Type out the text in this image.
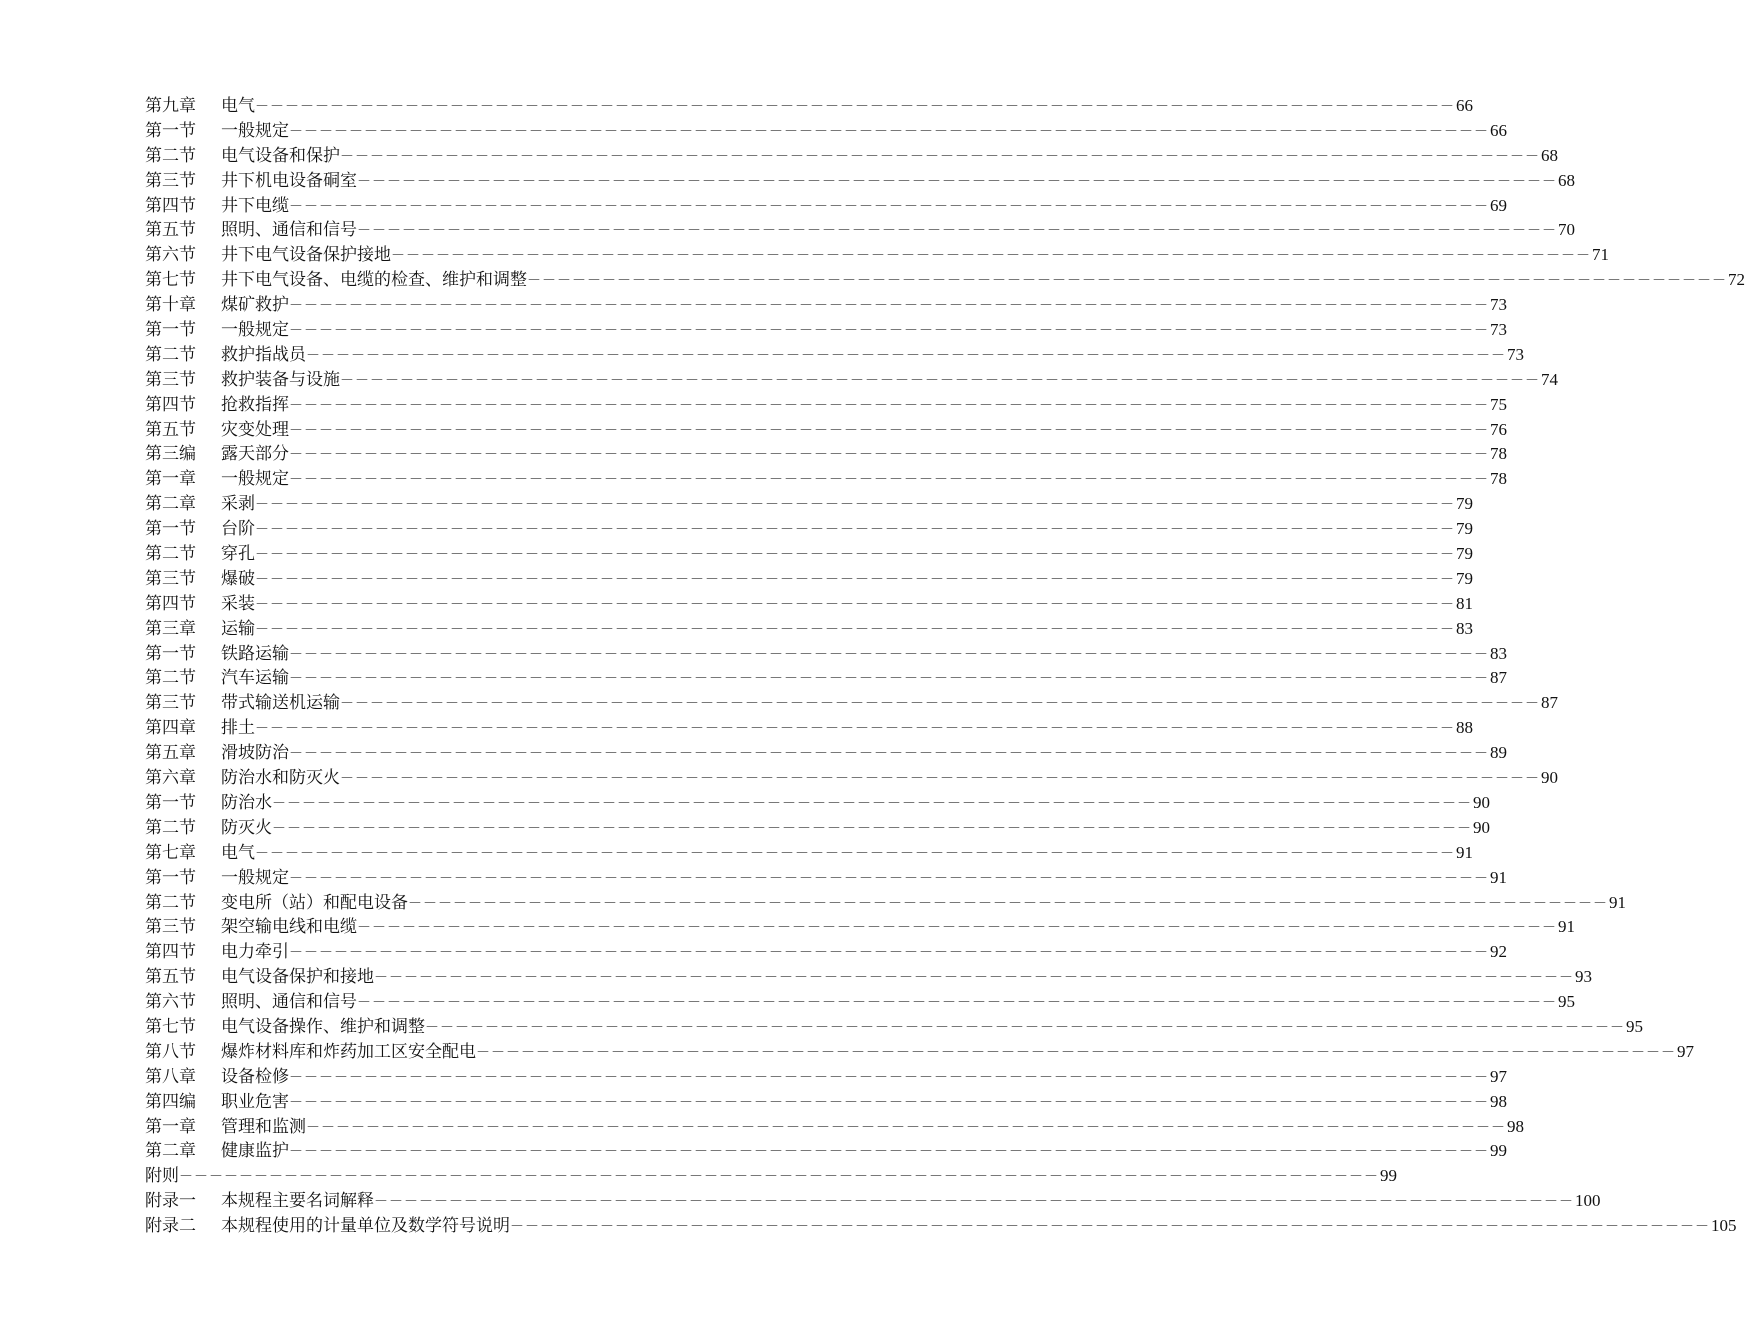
第九章 电气 －－－－－－－－－－－－－－－－－－－－－－－－－－－－－－－－－－－－－－－－－－－－－－－－－－－－－－－－－－－－－－－－－－－－－－－－－－－－－－－－ 66
第一节 一般规定 －－－－－－－－－－－－－－－－－－－－－－－－－－－－－－－－－－－－－－－－－－－－－－－－－－－－－－－－－－－－－－－－－－－－－－－－－－－－－－－－ 66
第二节 电气设备和保护 －－－－－－－－－－－－－－－－－－－－－－－－－－－－－－－－－－－－－－－－－－－－－－－－－－－－－－－－－－－－－－－－－－－－－－－－－－－－－－－－ 68
第三节 井下机电设备硐室 －－－－－－－－－－－－－－－－－－－－－－－－－－－－－－－－－－－－－－－－－－－－－－－－－－－－－－－－－－－－－－－－－－－－－－－－－－－－－－－－ 68
第四节 井下电缆 －－－－－－－－－－－－－－－－－－－－－－－－－－－－－－－－－－－－－－－－－－－－－－－－－－－－－－－－－－－－－－－－－－－－－－－－－－－－－－－－ 69
第五节 照明、通信和信号 －－－－－－－－－－－－－－－－－－－－－－－－－－－－－－－－－－－－－－－－－－－－－－－－－－－－－－－－－－－－－－－－－－－－－－－－－－－－－－－－ 70
第六节 井下电气设备保护接地 －－－－－－－－－－－－－－－－－－－－－－－－－－－－－－－－－－－－－－－－－－－－－－－－－－－－－－－－－－－－－－－－－－－－－－－－－－－－－－－－ 71
第七节 井下电气设备、电缆的检查、维护和调整 －－－－－－－－－－－－－－－－－－－－－－－－－－－－－－－－－－－－－－－－－－－－－－－－－－－－－－－－－－－－－－－－－－－－－－－－－－－－－－－－ 72
第十章 煤矿救护 －－－－－－－－－－－－－－－－－－－－－－－－－－－－－－－－－－－－－－－－－－－－－－－－－－－－－－－－－－－－－－－－－－－－－－－－－－－－－－－－ 73
第一节 一般规定 －－－－－－－－－－－－－－－－－－－－－－－－－－－－－－－－－－－－－－－－－－－－－－－－－－－－－－－－－－－－－－－－－－－－－－－－－－－－－－－－ 73
第二节 救护指战员 －－－－－－－－－－－－－－－－－－－－－－－－－－－－－－－－－－－－－－－－－－－－－－－－－－－－－－－－－－－－－－－－－－－－－－－－－－－－－－－－ 73
第三节 救护装备与设施 －－－－－－－－－－－－－－－－－－－－－－－－－－－－－－－－－－－－－－－－－－－－－－－－－－－－－－－－－－－－－－－－－－－－－－－－－－－－－－－－ 74
第四节 抢救指挥 －－－－－－－－－－－－－－－－－－－－－－－－－－－－－－－－－－－－－－－－－－－－－－－－－－－－－－－－－－－－－－－－－－－－－－－－－－－－－－－－ 75
第五节 灾变处理 －－－－－－－－－－－－－－－－－－－－－－－－－－－－－－－－－－－－－－－－－－－－－－－－－－－－－－－－－－－－－－－－－－－－－－－－－－－－－－－－ 76
第三编 露天部分 －－－－－－－－－－－－－－－－－－－－－－－－－－－－－－－－－－－－－－－－－－－－－－－－－－－－－－－－－－－－－－－－－－－－－－－－－－－－－－－－ 78
第一章 一般规定 －－－－－－－－－－－－－－－－－－－－－－－－－－－－－－－－－－－－－－－－－－－－－－－－－－－－－－－－－－－－－－－－－－－－－－－－－－－－－－－－ 78
第二章 采剥 －－－－－－－－－－－－－－－－－－－－－－－－－－－－－－－－－－－－－－－－－－－－－－－－－－－－－－－－－－－－－－－－－－－－－－－－－－－－－－－－ 79
第一节 台阶 －－－－－－－－－－－－－－－－－－－－－－－－－－－－－－－－－－－－－－－－－－－－－－－－－－－－－－－－－－－－－－－－－－－－－－－－－－－－－－－－ 79
第二节 穿孔 －－－－－－－－－－－－－－－－－－－－－－－－－－－－－－－－－－－－－－－－－－－－－－－－－－－－－－－－－－－－－－－－－－－－－－－－－－－－－－－－ 79
第三节 爆破 －－－－－－－－－－－－－－－－－－－－－－－－－－－－－－－－－－－－－－－－－－－－－－－－－－－－－－－－－－－－－－－－－－－－－－－－－－－－－－－－ 79
第四节 采装 －－－－－－－－－－－－－－－－－－－－－－－－－－－－－－－－－－－－－－－－－－－－－－－－－－－－－－－－－－－－－－－－－－－－－－－－－－－－－－－－ 81
第三章 运输 －－－－－－－－－－－－－－－－－－－－－－－－－－－－－－－－－－－－－－－－－－－－－－－－－－－－－－－－－－－－－－－－－－－－－－－－－－－－－－－－ 83
第一节 铁路运输 －－－－－－－－－－－－－－－－－－－－－－－－－－－－－－－－－－－－－－－－－－－－－－－－－－－－－－－－－－－－－－－－－－－－－－－－－－－－－－－－ 83
第二节 汽车运输 －－－－－－－－－－－－－－－－－－－－－－－－－－－－－－－－－－－－－－－－－－－－－－－－－－－－－－－－－－－－－－－－－－－－－－－－－－－－－－－－ 87
第三节 带式输送机运输 －－－－－－－－－－－－－－－－－－－－－－－－－－－－－－－－－－－－－－－－－－－－－－－－－－－－－－－－－－－－－－－－－－－－－－－－－－－－－－－－ 87
第四章 排土 －－－－－－－－－－－－－－－－－－－－－－－－－－－－－－－－－－－－－－－－－－－－－－－－－－－－－－－－－－－－－－－－－－－－－－－－－－－－－－－－ 88
第五章 滑坡防治 －－－－－－－－－－－－－－－－－－－－－－－－－－－－－－－－－－－－－－－－－－－－－－－－－－－－－－－－－－－－－－－－－－－－－－－－－－－－－－－－ 89
第六章 防治水和防灭火 －－－－－－－－－－－－－－－－－－－－－－－－－－－－－－－－－－－－－－－－－－－－－－－－－－－－－－－－－－－－－－－－－－－－－－－－－－－－－－－－ 90
第一节 防治水 －－－－－－－－－－－－－－－－－－－－－－－－－－－－－－－－－－－－－－－－－－－－－－－－－－－－－－－－－－－－－－－－－－－－－－－－－－－－－－－－ 90
第二节 防灭火 －－－－－－－－－－－－－－－－－－－－－－－－－－－－－－－－－－－－－－－－－－－－－－－－－－－－－－－－－－－－－－－－－－－－－－－－－－－－－－－－ 90
第七章 电气 －－－－－－－－－－－－－－－－－－－－－－－－－－－－－－－－－－－－－－－－－－－－－－－－－－－－－－－－－－－－－－－－－－－－－－－－－－－－－－－－ 91
第一节 一般规定 －－－－－－－－－－－－－－－－－－－－－－－－－－－－－－－－－－－－－－－－－－－－－－－－－－－－－－－－－－－－－－－－－－－－－－－－－－－－－－－－ 91
第二节 变电所（站）和配电设备 －－－－－－－－－－－－－－－－－－－－－－－－－－－－－－－－－－－－－－－－－－－－－－－－－－－－－－－－－－－－－－－－－－－－－－－－－－－－－－－－ 91
第三节 架空输电线和电缆 －－－－－－－－－－－－－－－－－－－－－－－－－－－－－－－－－－－－－－－－－－－－－－－－－－－－－－－－－－－－－－－－－－－－－－－－－－－－－－－－ 91
第四节 电力牵引 －－－－－－－－－－－－－－－－－－－－－－－－－－－－－－－－－－－－－－－－－－－－－－－－－－－－－－－－－－－－－－－－－－－－－－－－－－－－－－－－ 92
第五节 电气设备保护和接地 －－－－－－－－－－－－－－－－－－－－－－－－－－－－－－－－－－－－－－－－－－－－－－－－－－－－－－－－－－－－－－－－－－－－－－－－－－－－－－－－ 93
第六节 照明、通信和信号 －－－－－－－－－－－－－－－－－－－－－－－－－－－－－－－－－－－－－－－－－－－－－－－－－－－－－－－－－－－－－－－－－－－－－－－－－－－－－－－－ 95
第七节 电气设备操作、维护和调整 －－－－－－－－－－－－－－－－－－－－－－－－－－－－－－－－－－－－－－－－－－－－－－－－－－－－－－－－－－－－－－－－－－－－－－－－－－－－－－－－ 95
第八节 爆炸材料库和炸药加工区安全配电 －－－－－－－－－－－－－－－－－－－－－－－－－－－－－－－－－－－－－－－－－－－－－－－－－－－－－－－－－－－－－－－－－－－－－－－－－－－－－－－－ 97
第八章 设备检修 －－－－－－－－－－－－－－－－－－－－－－－－－－－－－－－－－－－－－－－－－－－－－－－－－－－－－－－－－－－－－－－－－－－－－－－－－－－－－－－－ 97
第四编 职业危害 －－－－－－－－－－－－－－－－－－－－－－－－－－－－－－－－－－－－－－－－－－－－－－－－－－－－－－－－－－－－－－－－－－－－－－－－－－－－－－－－ 98
第一章 管理和监测 －－－－－－－－－－－－－－－－－－－－－－－－－－－－－－－－－－－－－－－－－－－－－－－－－－－－－－－－－－－－－－－－－－－－－－－－－－－－－－－－ 98
第二章 健康监护 －－－－－－－－－－－－－－－－－－－－－－－－－－－－－－－－－－－－－－－－－－－－－－－－－－－－－－－－－－－－－－－－－－－－－－－－－－－－－－－－ 99
附则 －－－－－－－－－－－－－－－－－－－－－－－－－－－－－－－－－－－－－－－－－－－－－－－－－－－－－－－－－－－－－－－－－－－－－－－－－－－－－－－－ 99
附录一 本规程主要名词解释 －－－－－－－－－－－－－－－－－－－－－－－－－－－－－－－－－－－－－－－－－－－－－－－－－－－－－－－－－－－－－－－－－－－－－－－－－－－－－－－－ 100
附录二 本规程使用的计量单位及数学符号说明 －－－－－－－－－－－－－－－－－－－－－－－－－－－－－－－－－－－－－－－－－－－－－－－－－－－－－－－－－－－－－－－－－－－－－－－－－－－－－－－－ 105
